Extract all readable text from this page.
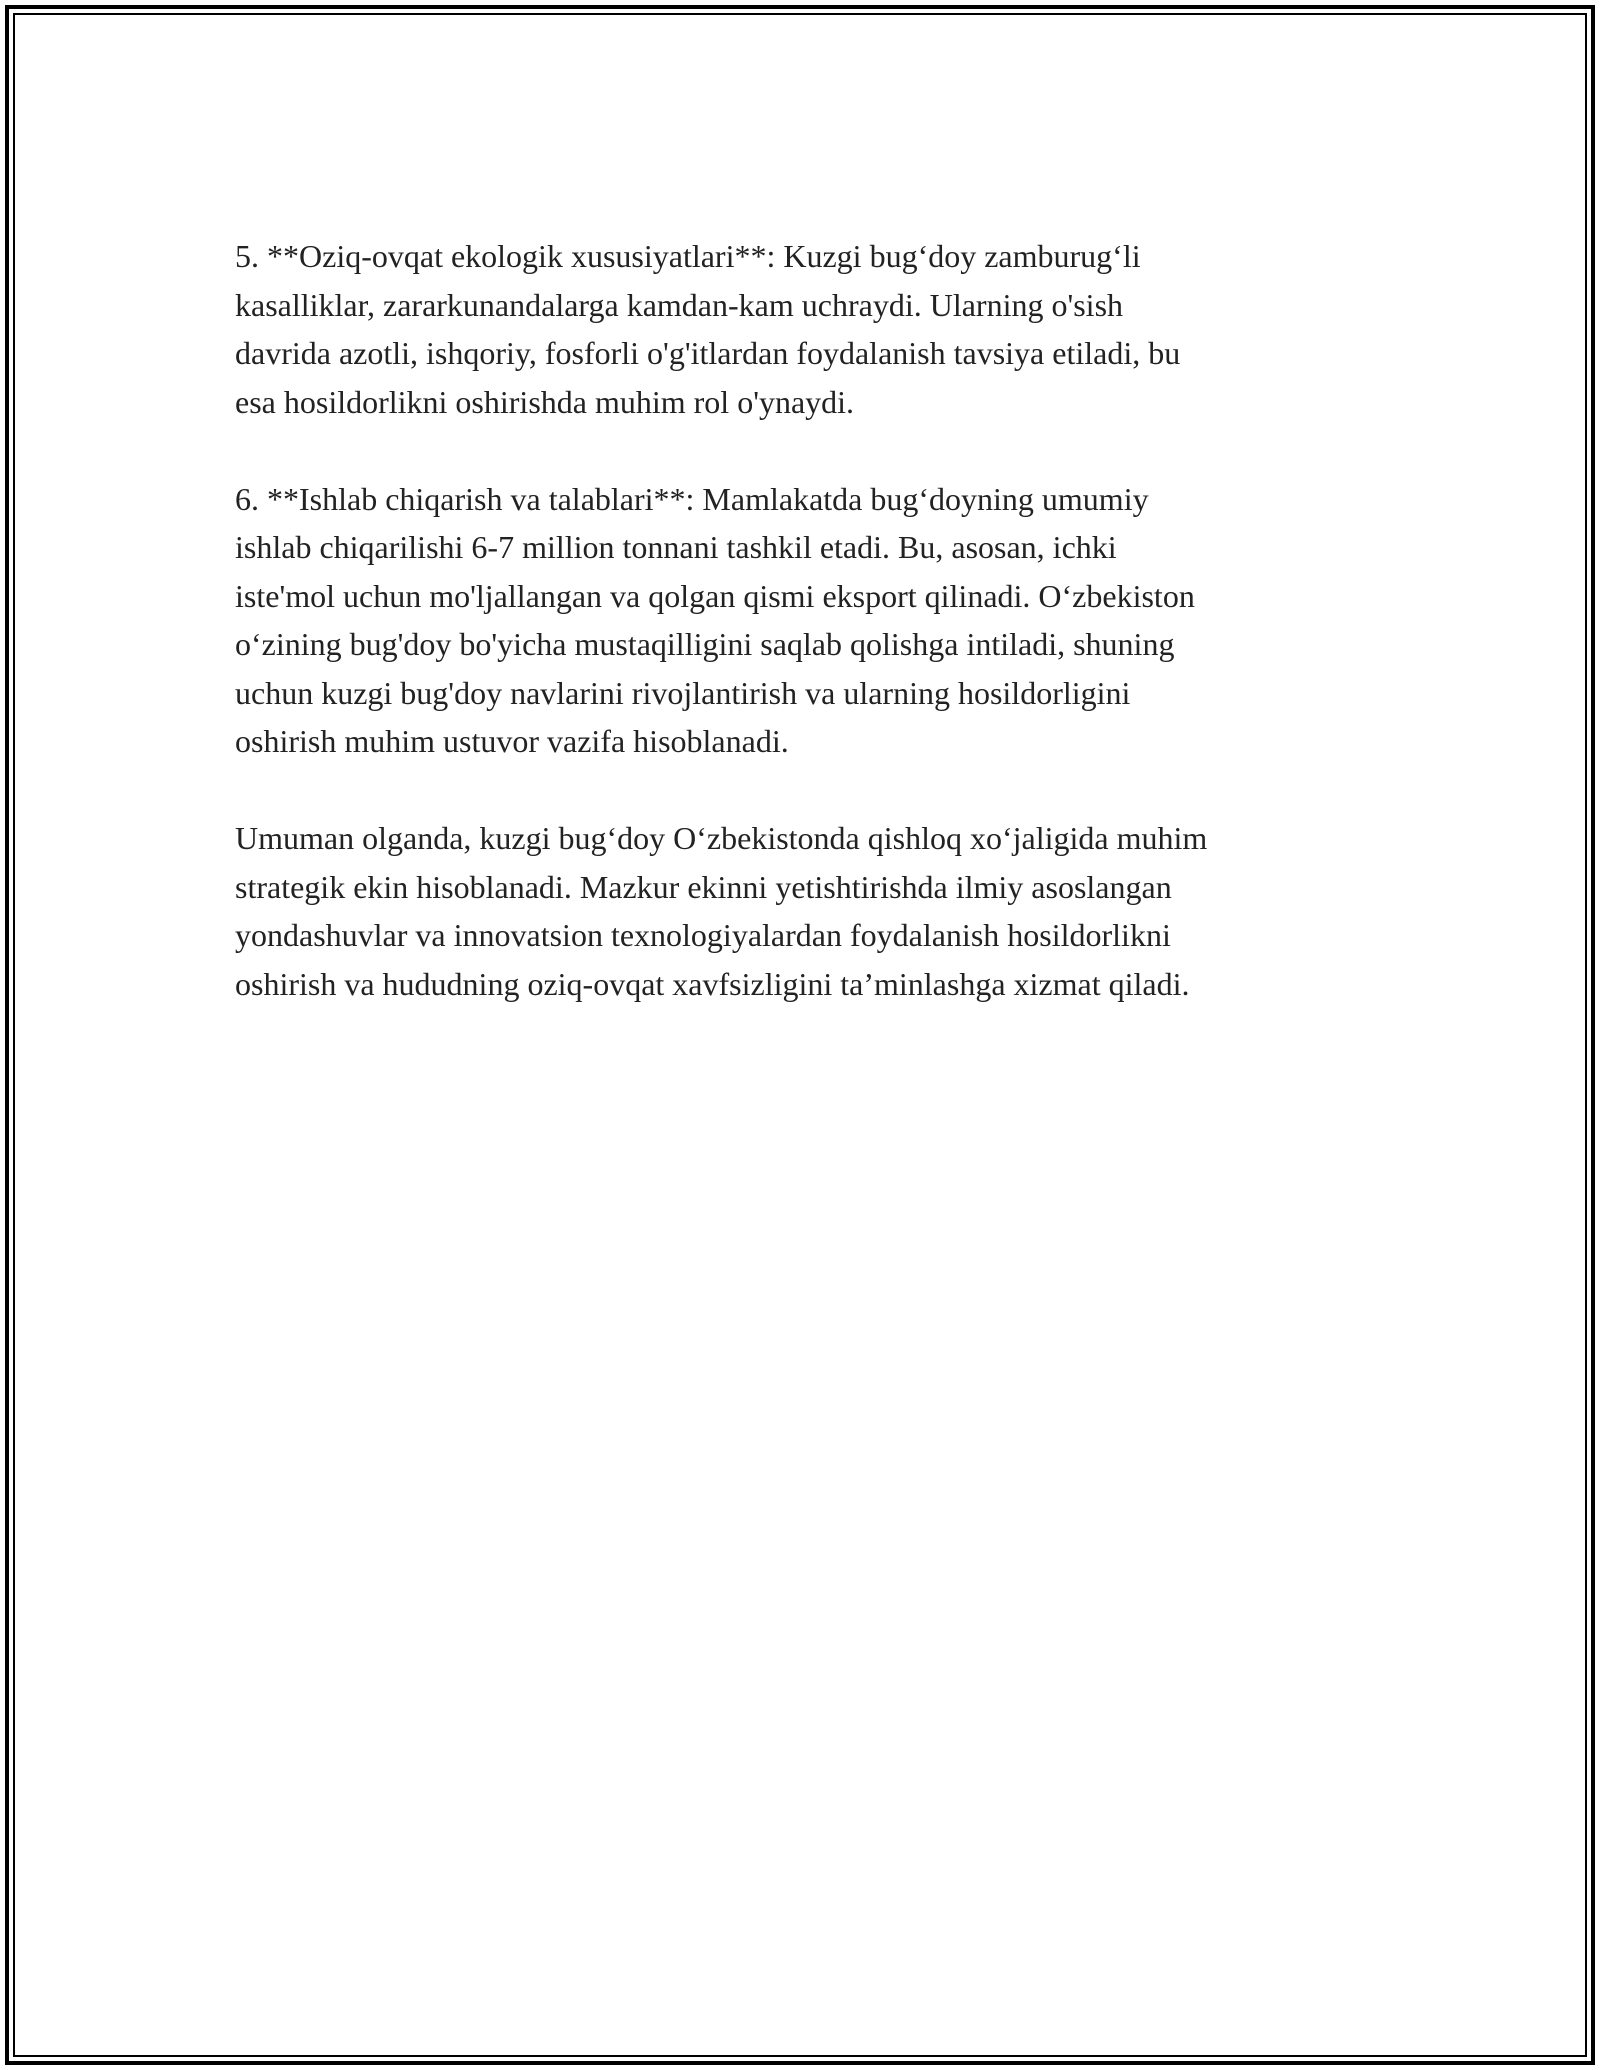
5. **Oziq-ovqat ekologik xususiyatlari**: Kuzgi bug‘doy zamburug‘li
kasalliklar, zararkunandalarga kamdan-kam uchraydi. Ularning o'sish
davrida azotli, ishqoriy, fosforli o'g'itlardan foydalanish tavsiya etiladi, bu
esa hosildorlikni oshirishda muhim rol o'ynaydi.

6. **Ishlab chiqarish va talablari**: Mamlakatda bug‘doyning umumiy
ishlab chiqarilishi 6-7 million tonnani tashkil etadi. Bu, asosan, ichki
iste'mol uchun mo'ljallangan va qolgan qismi eksport qilinadi. O‘zbekiston
o‘zining bug'doy bo'yicha mustaqilligini saqlab qolishga intiladi, shuning
uchun kuzgi bug'doy navlarini rivojlantirish va ularning hosildorligini
oshirish muhim ustuvor vazifa hisoblanadi.

Umuman olganda, kuzgi bug‘doy O‘zbekistonda qishloq xo‘jaligida muhim
strategik ekin hisoblanadi. Mazkur ekinni yetishtirishda ilmiy asoslangan
yondashuvlar va innovatsion texnologiyalardan foydalanish hosildorlikni
oshirish va hududning oziq-ovqat xavfsizligini ta’minlashga xizmat qiladi.
